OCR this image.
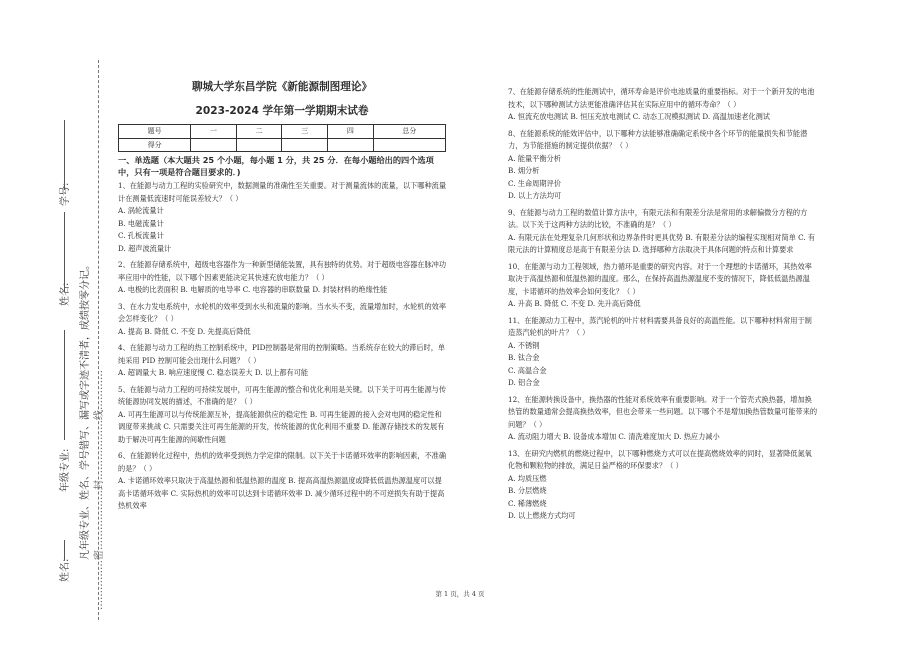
学号:
姓名:
年级专业:
姓名:
凡年级专业、姓名、学号错写、漏写或字迹不清者，成绩按零分记。 ……………密………………封………………线…………
聊城大学东昌学院《新能源制图理论》
2023-2024 学年第一学期期末试卷
题号	一	二	三	四	总分
得分					
一、单选题（本大题共 25 个小题，每小题 1 分，共 25 分．在每小题给出的四个选项中，只有一项是符合题目要求的．)

1、在能源与动力工程的实验研究中，数据测量的准确性至关重要。对于测量流体的流量，以下哪种流量计在测量低流速时可能误差较大？（ ）

A. 涡轮流量计

B. 电磁流量计

C. 孔板流量计

D. 超声波流量计

2、在能源存储系统中，超级电容器作为一种新型储能装置，具有独特的优势。对于超级电容器在脉冲功率应用中的性能，以下哪个因素更能决定其快速充放电能力？（ ）

A. 电极的比表面积 B. 电解质的电导率 C. 电容器的串联数量 D. 封装材料的绝缘性能

3、在水力发电系统中，水轮机的效率受到水头和流量的影响。当水头不变，流量增加时，水轮机的效率会怎样变化？（ ）

A. 提高 B. 降低 C. 不变 D. 先提高后降低

4、在能源与动力工程的热工控制系统中，PID控制器是常用的控制策略。当系统存在较大的滞后时，单纯采用 PID 控制可能会出现什么问题？（ ）

A. 超调量大 B. 响应速度慢 C. 稳态误差大 D. 以上都有可能

5、在能源与动力工程的可持续发展中，可再生能源的整合和优化利用是关键。以下关于可再生能源与传统能源协同发展的描述，不准确的是？（ ）

A. 可再生能源可以与传统能源互补，提高能源供应的稳定性 B. 可再生能源的接入会对电网的稳定性和调度带来挑战 C. 只需要关注可再生能源的开发，传统能源的优化利用不重要 D. 能源存储技术的发展有助于解决可再生能源的间歇性问题

6、在能源转化过程中，热机的效率受到热力学定律的限制。以下关于卡诺循环效率的影响因素，不准确的是？（ ）

A. 卡诺循环效率只取决于高温热源和低温热源的温度 B. 提高高温热源温度或降低低温热源温度可以提高卡诺循环效率 C. 实际热机的效率可以达到卡诺循环效率 D. 减少循环过程中的不可逆损失有助于提高热机效率

7、在能源存储系统的性能测试中，循环寿命是评价电池质量的重要指标。对于一个新开发的电池技术，以下哪种测试方法更能准确评估其在实际应用中的循环寿命？（ ）

A. 恒流充放电测试 B. 恒压充放电测试 C. 动态工况模拟测试 D. 高温加速老化测试

8、在能源系统的能效评估中，以下哪种方法能够准确确定系统中各个环节的能量损失和节能潜力，为节能措施的制定提供依据？（ ）

A. 能量平衡分析

B. 㶲分析

C. 生命周期评价

D. 以上方法均可

9、在能源与动力工程的数值计算方法中，有限元法和有限差分法是常用的求解偏微分方程的方法。以下关于这两种方法的比较，不准确的是？（ ）

A. 有限元法在处理复杂几何形状和边界条件时更具优势 B. 有限差分法的编程实现相对简单 C. 有限元法的计算精度总是高于有限差分法 D. 选择哪种方法取决于具体问题的特点和计算要求

10、在能源与动力工程领域，热力循环是重要的研究内容。对于一个理想的卡诺循环，其热效率取决于高温热源和低温热源的温度。那么，在保持高温热源温度不变的情况下，降低低温热源温度，卡诺循环的热效率会如何变化？（ ）

A. 升高 B. 降低 C. 不变 D. 先升高后降低

11、在能源动力工程中，蒸汽轮机的叶片材料需要具备良好的高温性能。以下哪种材料常用于制造蒸汽轮机的叶片？（ ）

A. 不锈钢

B. 钛合金

C. 高温合金

D. 铝合金

12、在能源转换设备中，换热器的性能对系统效率有重要影响。对于一个管壳式换热器，增加换热管的数量通常会提高换热效率，但也会带来一些问题。以下哪个不是增加换热管数量可能带来的问题？（ ）

A. 流动阻力增大 B. 设备成本增加 C. 清洗难度加大 D. 热应力减小

13、在研究内燃机的燃烧过程中，以下哪种燃烧方式可以在提高燃烧效率的同时，显著降低氮氧化物和颗粒物的排放，满足日益严格的环保要求？（ ）

A. 均质压燃

B. 分层燃烧

C. 稀薄燃烧

D. 以上燃烧方式均可

第 1 页，共 4 页
